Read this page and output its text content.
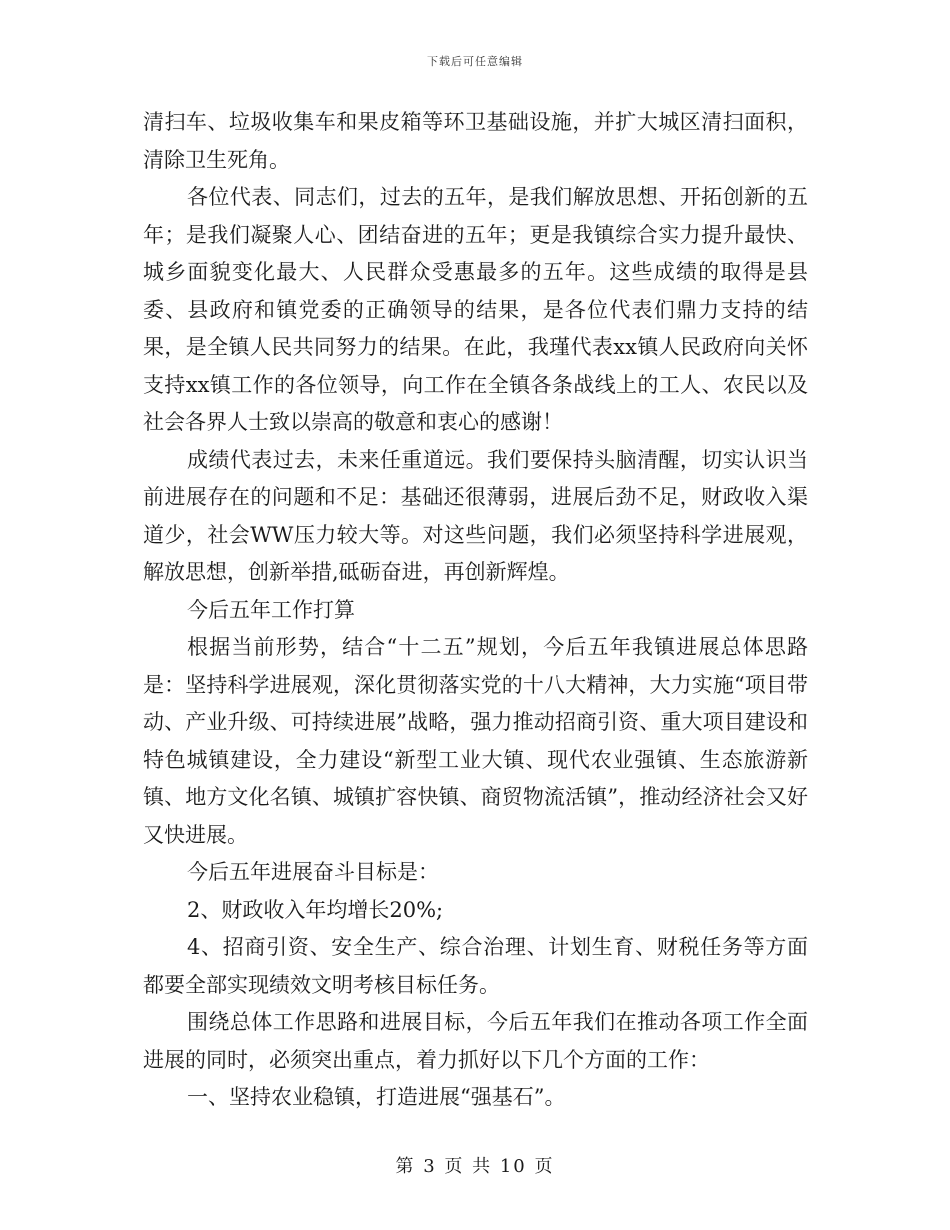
下载后可任意编辑

清扫车、垃圾收集车和果皮箱等环卫基础设施，并扩大城区清扫面积，清除卫生死角。

各位代表、同志们，过去的五年，是我们解放思想、开拓创新的五年；是我们凝聚人心、团结奋进的五年；更是我镇综合实力提升最快、城乡面貌变化最大、人民群众受惠最多的五年。这些成绩的取得是县委、县政府和镇党委的正确领导的结果，是各位代表们鼎力支持的结果，是全镇人民共同努力的结果。在此，我瑾代表xx镇人民政府向关怀支持xx镇工作的各位领导，向工作在全镇各条战线上的工人、农民以及社会各界人士致以崇高的敬意和衷心的感谢！

成绩代表过去，未来任重道远。我们要保持头脑清醒，切实认识当前进展存在的问题和不足：基础还很薄弱，进展后劲不足，财政收入渠道少，社会WW压力较大等。对这些问题，我们必须坚持科学进展观，解放思想，创新举措,砥砺奋进，再创新辉煌。

今后五年工作打算

根据当前形势，结合“十二五”规划，今后五年我镇进展总体思路是：坚持科学进展观，深化贯彻落实党的十八大精神，大力实施“项目带动、产业升级、可持续进展”战略，强力推动招商引资、重大项目建设和特色城镇建设，全力建设“新型工业大镇、现代农业强镇、生态旅游新镇、地方文化名镇、城镇扩容快镇、商贸物流活镇”，推动经济社会又好又快进展。

今后五年进展奋斗目标是：

2、财政收入年均增长20%;

4、招商引资、安全生产、综合治理、计划生育、财税任务等方面都要全部实现绩效文明考核目标任务。

围绕总体工作思路和进展目标，今后五年我们在推动各项工作全面进展的同时，必须突出重点，着力抓好以下几个方面的工作：

一、坚持农业稳镇，打造进展“强基石”。

第 3 页 共 10 页
